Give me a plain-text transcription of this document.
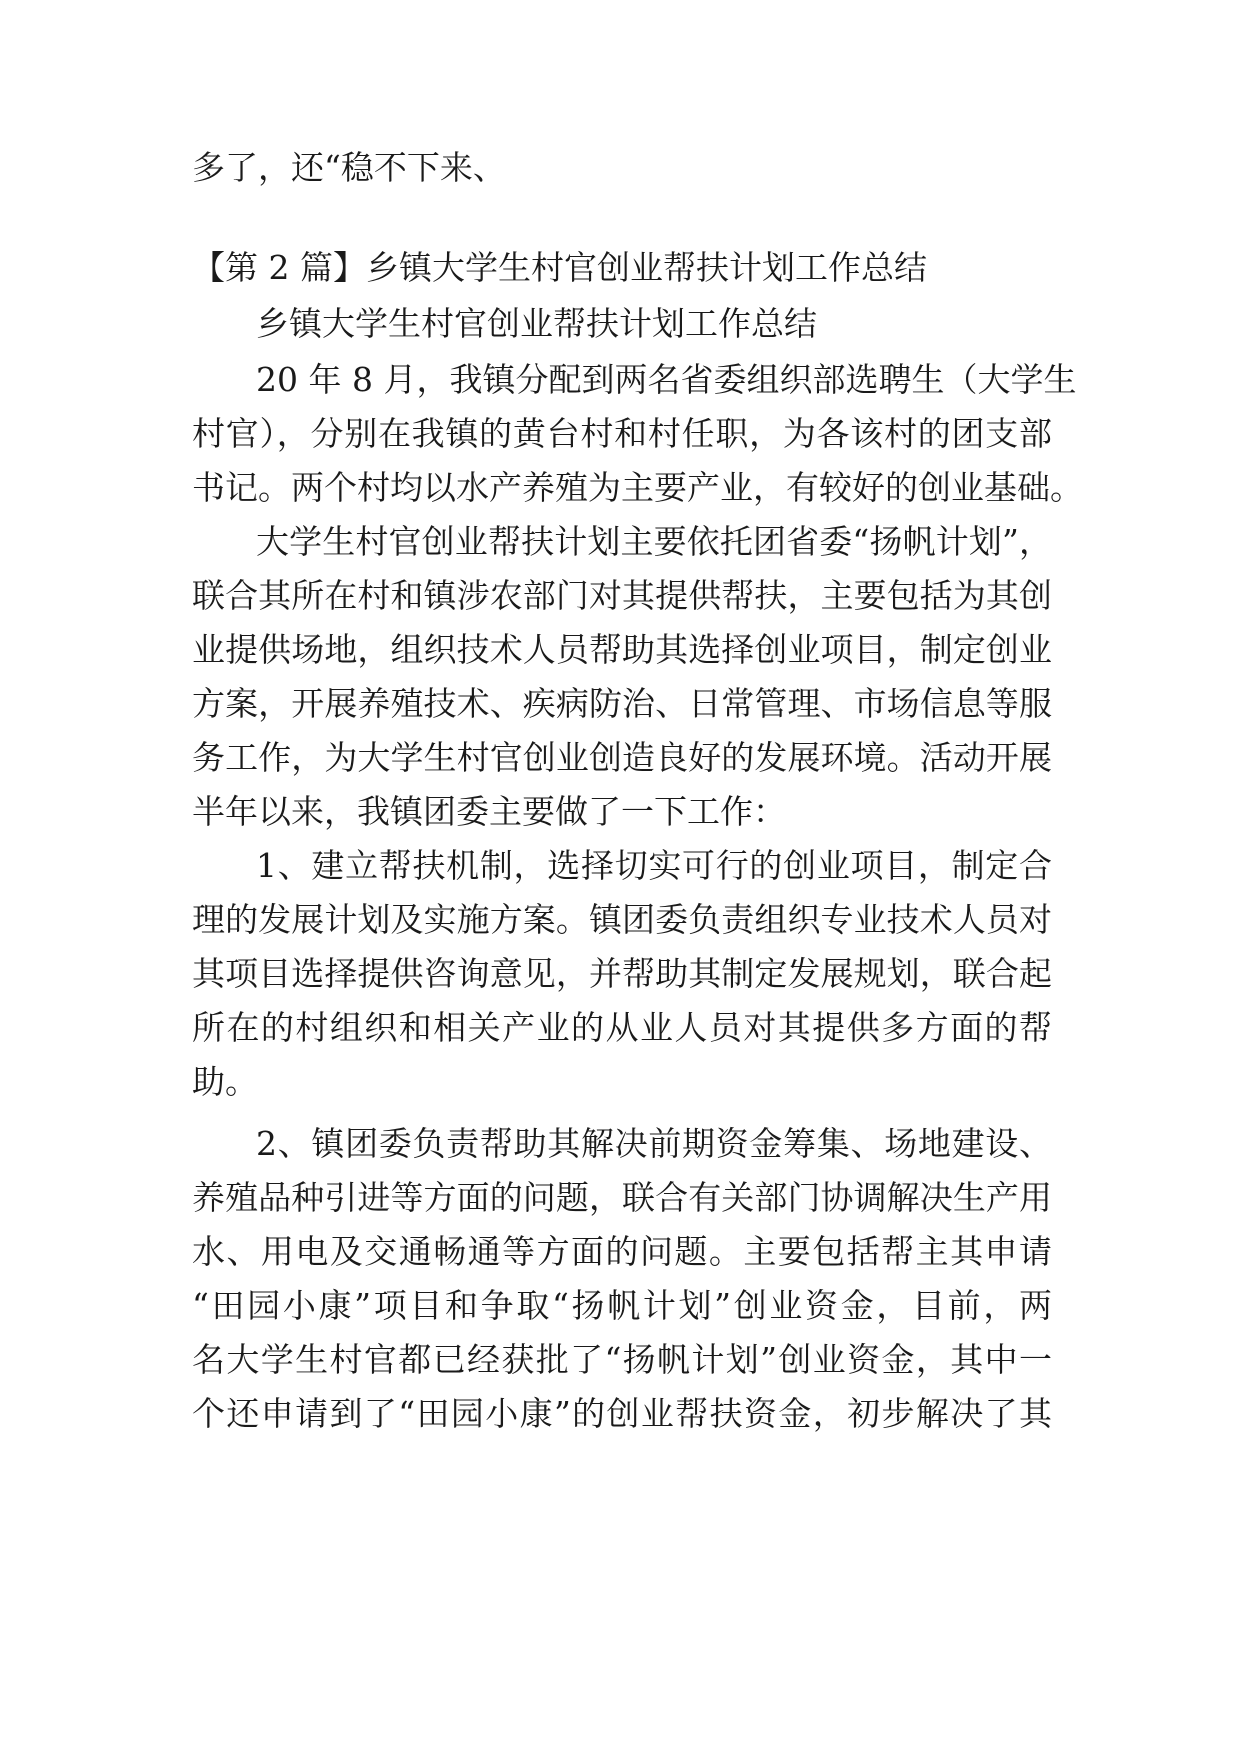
多了，还“稳不下来、
【第 2 篇】乡镇大学生村官创业帮扶计划工作总结
乡镇大学生村官创业帮扶计划工作总结
20 年 8 月，我镇分配到两名省委组织部选聘生（大学生
村官），分别在我镇的黄台村和村任职，为各该村的团支部
书记。两个村均以水产养殖为主要产业，有较好的创业基础。
大学生村官创业帮扶计划主要依托团省委“扬帆计划”，
联合其所在村和镇涉农部门对其提供帮扶，主要包括为其创
业提供场地，组织技术人员帮助其选择创业项目，制定创业
方案，开展养殖技术、疾病防治、日常管理、市场信息等服
务工作，为大学生村官创业创造良好的发展环境。活动开展
半年以来，我镇团委主要做了一下工作：
1、建立帮扶机制，选择切实可行的创业项目，制定合
理的发展计划及实施方案。镇团委负责组织专业技术人员对
其项目选择提供咨询意见，并帮助其制定发展规划，联合起
所在的村组织和相关产业的从业人员对其提供多方面的帮
助。
2、镇团委负责帮助其解决前期资金筹集、场地建设、
养殖品种引进等方面的问题，联合有关部门协调解决生产用
水、用电及交通畅通等方面的问题。主要包括帮主其申请
“田园小康”项目和争取“扬帆计划”创业资金，目前，两
名大学生村官都已经获批了“扬帆计划”创业资金，其中一
个还申请到了“田园小康”的创业帮扶资金，初步解决了其
